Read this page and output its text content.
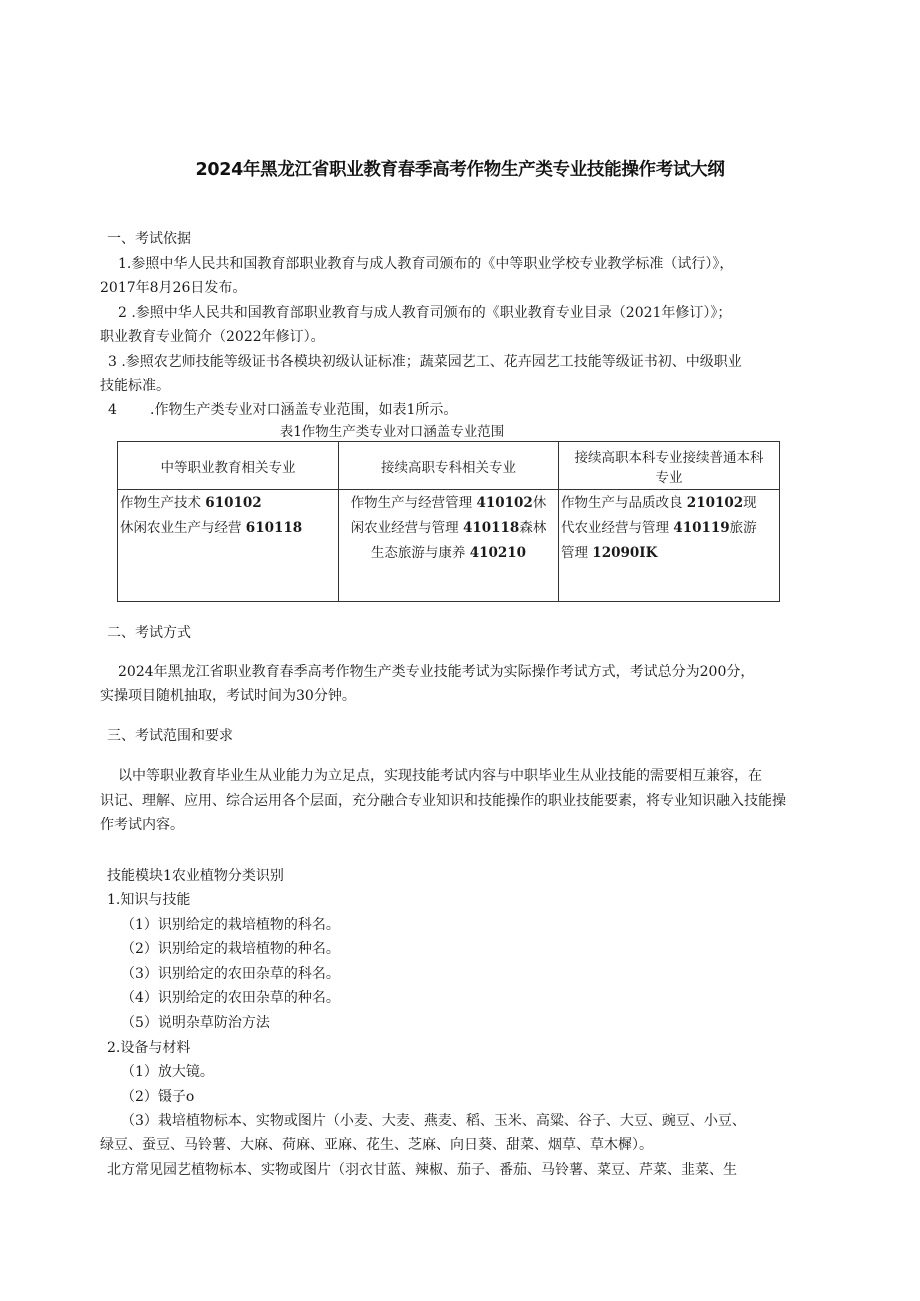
2024年黑龙江省职业教育春季高考作物生产类专业技能操作考试大纲
一、考试依据
1.参照中华人民共和国教育部职业教育与成人教育司颁布的《中等职业学校专业教学标准（试行）》，
2017年8月26日发布。
2 .参照中华人民共和国教育部职业教育与成人教育司颁布的《职业教育专业目录（2021年修订）》；
职业教育专业简介（2022年修订）。
3 .参照农艺师技能等级证书各模块初级认证标准；蔬菜园艺工、花卉园艺工技能等级证书初、中级职业
技能标准。
4 .作物生产类专业对口涵盖专业范围，如表1所示。
表1作物生产类专业对口涵盖专业范围
中等职业教育相关专业	接续高职专科相关专业	接续高职本科专业接续普通本科
专业

作物生产技术 610102
休闲农业生产与经营 610118	作物生产与经营管理 410102休
闲农业经营与管理 410118森林
生态旅游与康养 410210	作物生产与品质改良 210102现
代农业经营与管理 410119旅游
管理 12090IK
二、考试方式
2024年黑龙江省职业教育春季高考作物生产类专业技能考试为实际操作考试方式，考试总分为200分，
实操项目随机抽取，考试时间为30分钟。
三、考试范围和要求
以中等职业教育毕业生从业能力为立足点，实现技能考试内容与中职毕业生从业技能的需要相互兼容，在
识记、理解、应用、综合运用各个层面，充分融合专业知识和技能操作的职业技能要素，将专业知识融入技能操
作考试内容。
技能模块1农业植物分类识别
1.知识与技能
（1）识别给定的栽培植物的科名。
（2）识别给定的栽培植物的种名。
（3）识别给定的农田杂草的科名。
（4）识别给定的农田杂草的种名。
（5）说明杂草防治方法
2.设备与材料
（1）放大镜。
（2）镊子o
（3）栽培植物标本、实物或图片（小麦、大麦、燕麦、稻、玉米、高粱、谷子、大豆、豌豆、小豆、
绿豆、蚕豆、马铃薯、大麻、荷麻、亚麻、花生、芝麻、向日葵、甜菜、烟草、草木樨）。
北方常见园艺植物标本、实物或图片（羽衣甘蓝、辣椒、茄子、番茄、马铃薯、菜豆、芹菜、韭菜、生
